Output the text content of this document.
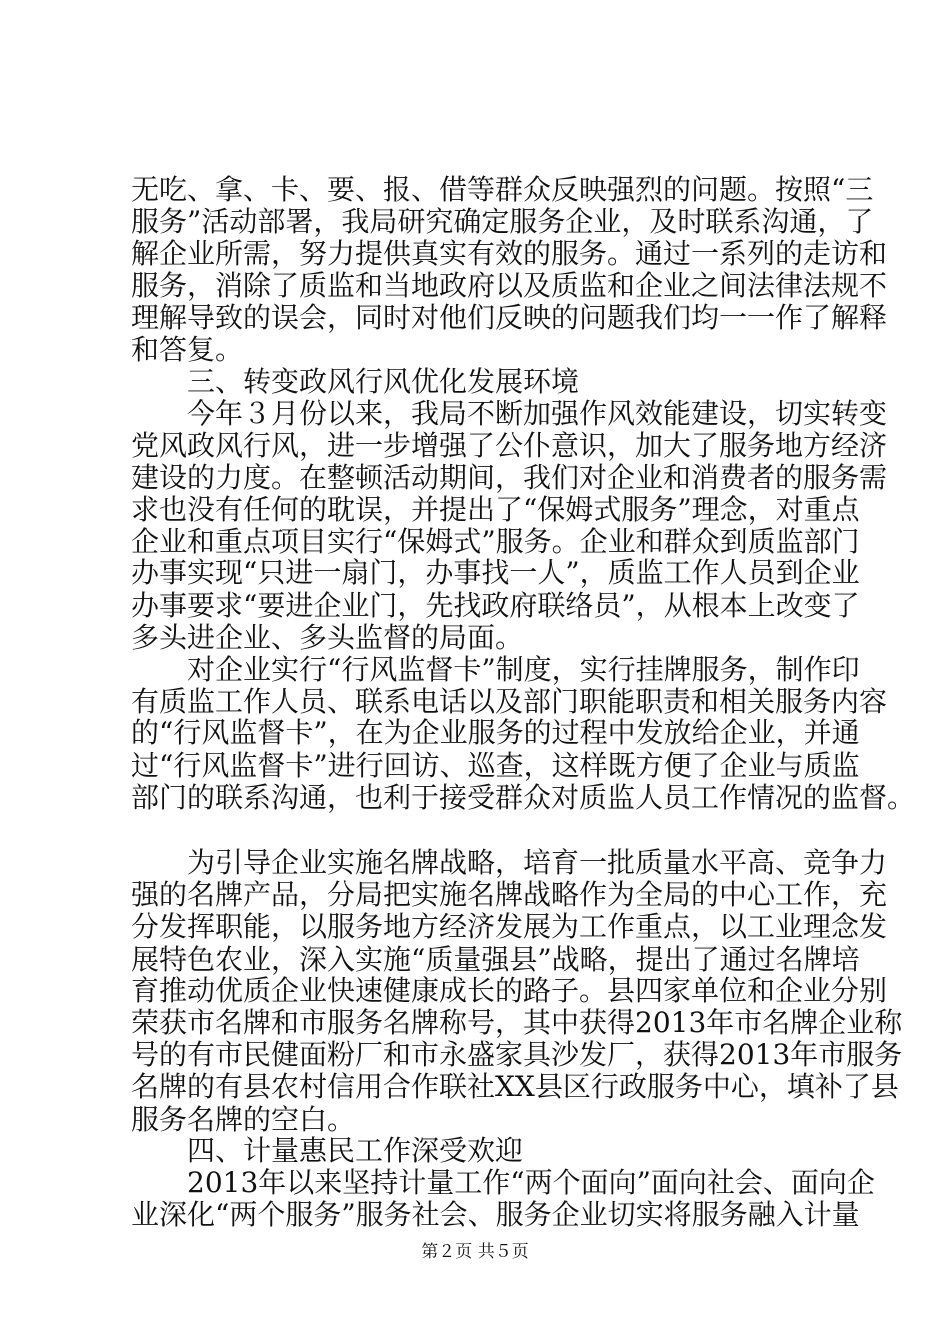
无吃、拿、卡、要、报、借等群众反映强烈的问题。按照“三
服务”活动部署，我局研究确定服务企业，及时联系沟通，了
解企业所需，努力提供真实有效的服务。通过一系列的走访和
服务，消除了质监和当地政府以及质监和企业之间法律法规不
理解导致的误会，同时对他们反映的问题我们均一一作了解释
和答复。
三、转变政风行风优化发展环境
今年３月份以来，我局不断加强作风效能建设，切实转变
党风政风行风，进一步增强了公仆意识，加大了服务地方经济
建设的力度。在整顿活动期间，我们对企业和消费者的服务需
求也没有任何的耽误，并提出了“保姆式服务”理念，对重点
企业和重点项目实行“保姆式”服务。企业和群众到质监部门
办事实现“只进一扇门，办事找一人”，质监工作人员到企业
办事要求“要进企业门，先找政府联络员”，从根本上改变了
多头进企业、多头监督的局面。
对企业实行“行风监督卡”制度，实行挂牌服务，制作印
有质监工作人员、联系电话以及部门职能职责和相关服务内容
的“行风监督卡”，在为企业服务的过程中发放给企业，并通
过“行风监督卡”进行回访、巡查，这样既方便了企业与质监
部门的联系沟通，也利于接受群众对质监人员工作情况的监督。
为引导企业实施名牌战略，培育一批质量水平高、竞争力
强的名牌产品，分局把实施名牌战略作为全局的中心工作，充
分发挥职能，以服务地方经济发展为工作重点，以工业理念发
展特色农业，深入实施“质量强县”战略，提出了通过名牌培
育推动优质企业快速健康成长的路子。县四家单位和企业分别
荣获市名牌和市服务名牌称号，其中获得2013年市名牌企业称
号的有市民健面粉厂和市永盛家具沙发厂，获得2013年市服务
名牌的有县农村信用合作联社XX县区行政服务中心，填补了县
服务名牌的空白。
四、计量惠民工作深受欢迎
2013年以来坚持计量工作“两个面向”面向社会、面向企
业深化“两个服务”服务社会、服务企业切实将服务融入计量
第２页 共５页
